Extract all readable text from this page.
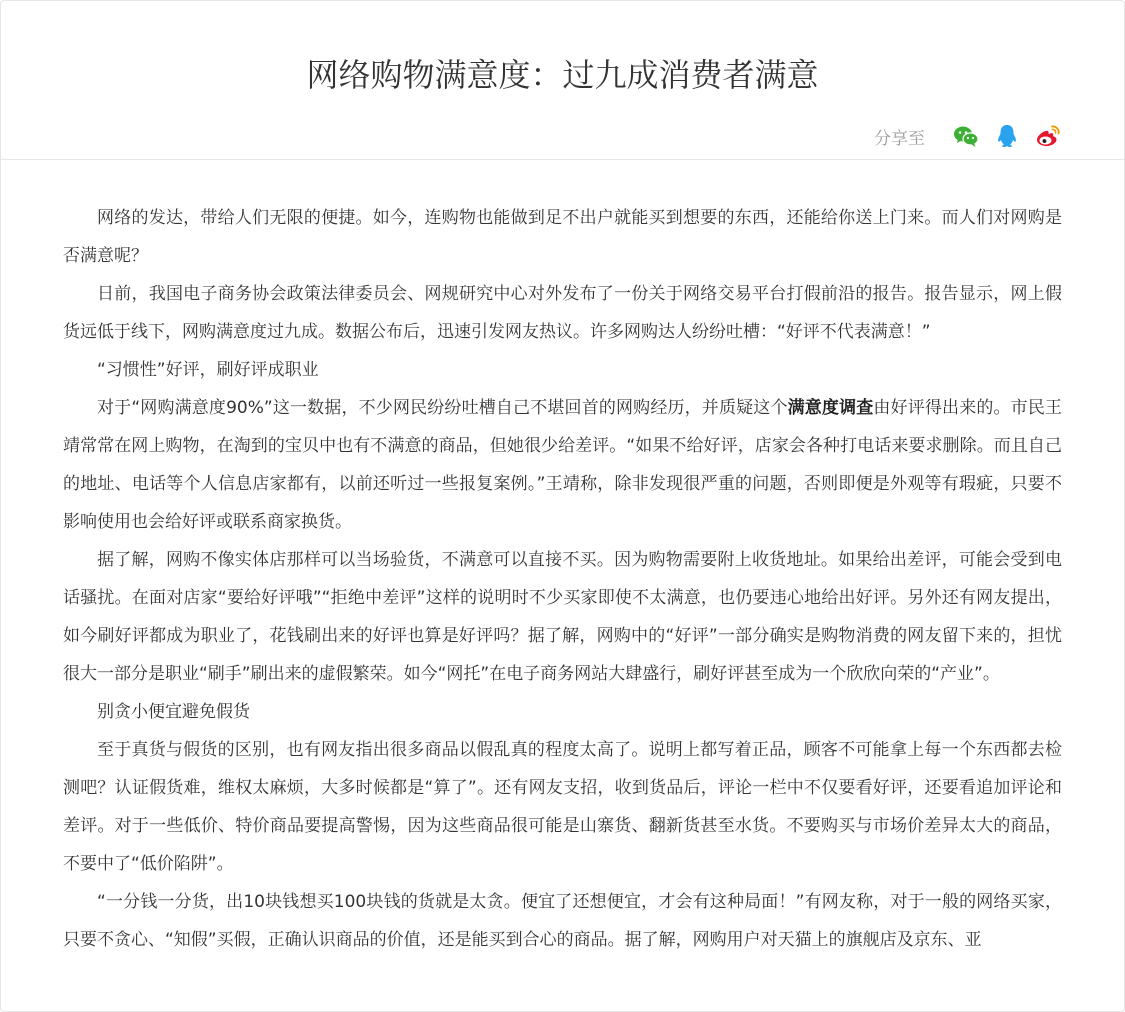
网络购物满意度：过九成消费者满意
分享至

网络的发达，带给人们无限的便捷。如今，连购物也能做到足不出户就能买到想要的东西，还能给你送上门来。而人们对网购是否满意呢？

日前，我国电子商务协会政策法律委员会、网规研究中心对外发布了一份关于网络交易平台打假前沿的报告。报告显示，网上假货远低于线下，网购满意度过九成。数据公布后，迅速引发网友热议。许多网购达人纷纷吐槽：“好评不代表满意！”

“习惯性”好评，刷好评成职业

对于“网购满意度90%”这一数据，不少网民纷纷吐槽自己不堪回首的网购经历，并质疑这个满意度调查由好评得出来的。市民王靖常常在网上购物，在淘到的宝贝中也有不满意的商品，但她很少给差评。“如果不给好评，店家会各种打电话来要求删除。而且自己的地址、电话等个人信息店家都有，以前还听过一些报复案例。”王靖称，除非发现很严重的问题，否则即便是外观等有瑕疵，只要不影响使用也会给好评或联系商家换货。

据了解，网购不像实体店那样可以当场验货，不满意可以直接不买。因为购物需要附上收货地址。如果给出差评，可能会受到电话骚扰。在面对店家“要给好评哦”“拒绝中差评”这样的说明时不少买家即使不太满意，也仍要违心地给出好评。另外还有网友提出，如今刷好评都成为职业了，花钱刷出来的好评也算是好评吗？据了解，网购中的“好评”一部分确实是购物消费的网友留下来的，担忧很大一部分是职业“刷手”刷出来的虚假繁荣。如今“网托”在电子商务网站大肆盛行，刷好评甚至成为一个欣欣向荣的“产业”。

别贪小便宜避免假货

至于真货与假货的区别，也有网友指出很多商品以假乱真的程度太高了。说明上都写着正品，顾客不可能拿上每一个东西都去检测吧？认证假货难，维权太麻烦，大多时候都是“算了”。还有网友支招，收到货品后，评论一栏中不仅要看好评，还要看追加评论和差评。对于一些低价、特价商品要提高警惕，因为这些商品很可能是山寨货、翻新货甚至水货。不要购买与市场价差异太大的商品，不要中了“低价陷阱”。

“一分钱一分货，出10块钱想买100块钱的货就是太贪。便宜了还想便宜，才会有这种局面！”有网友称，对于一般的网络买家，只要不贪心、“知假”买假，正确认识商品的价值，还是能买到合心的商品。据了解，网购用户对天猫上的旗舰店及京东、亚
